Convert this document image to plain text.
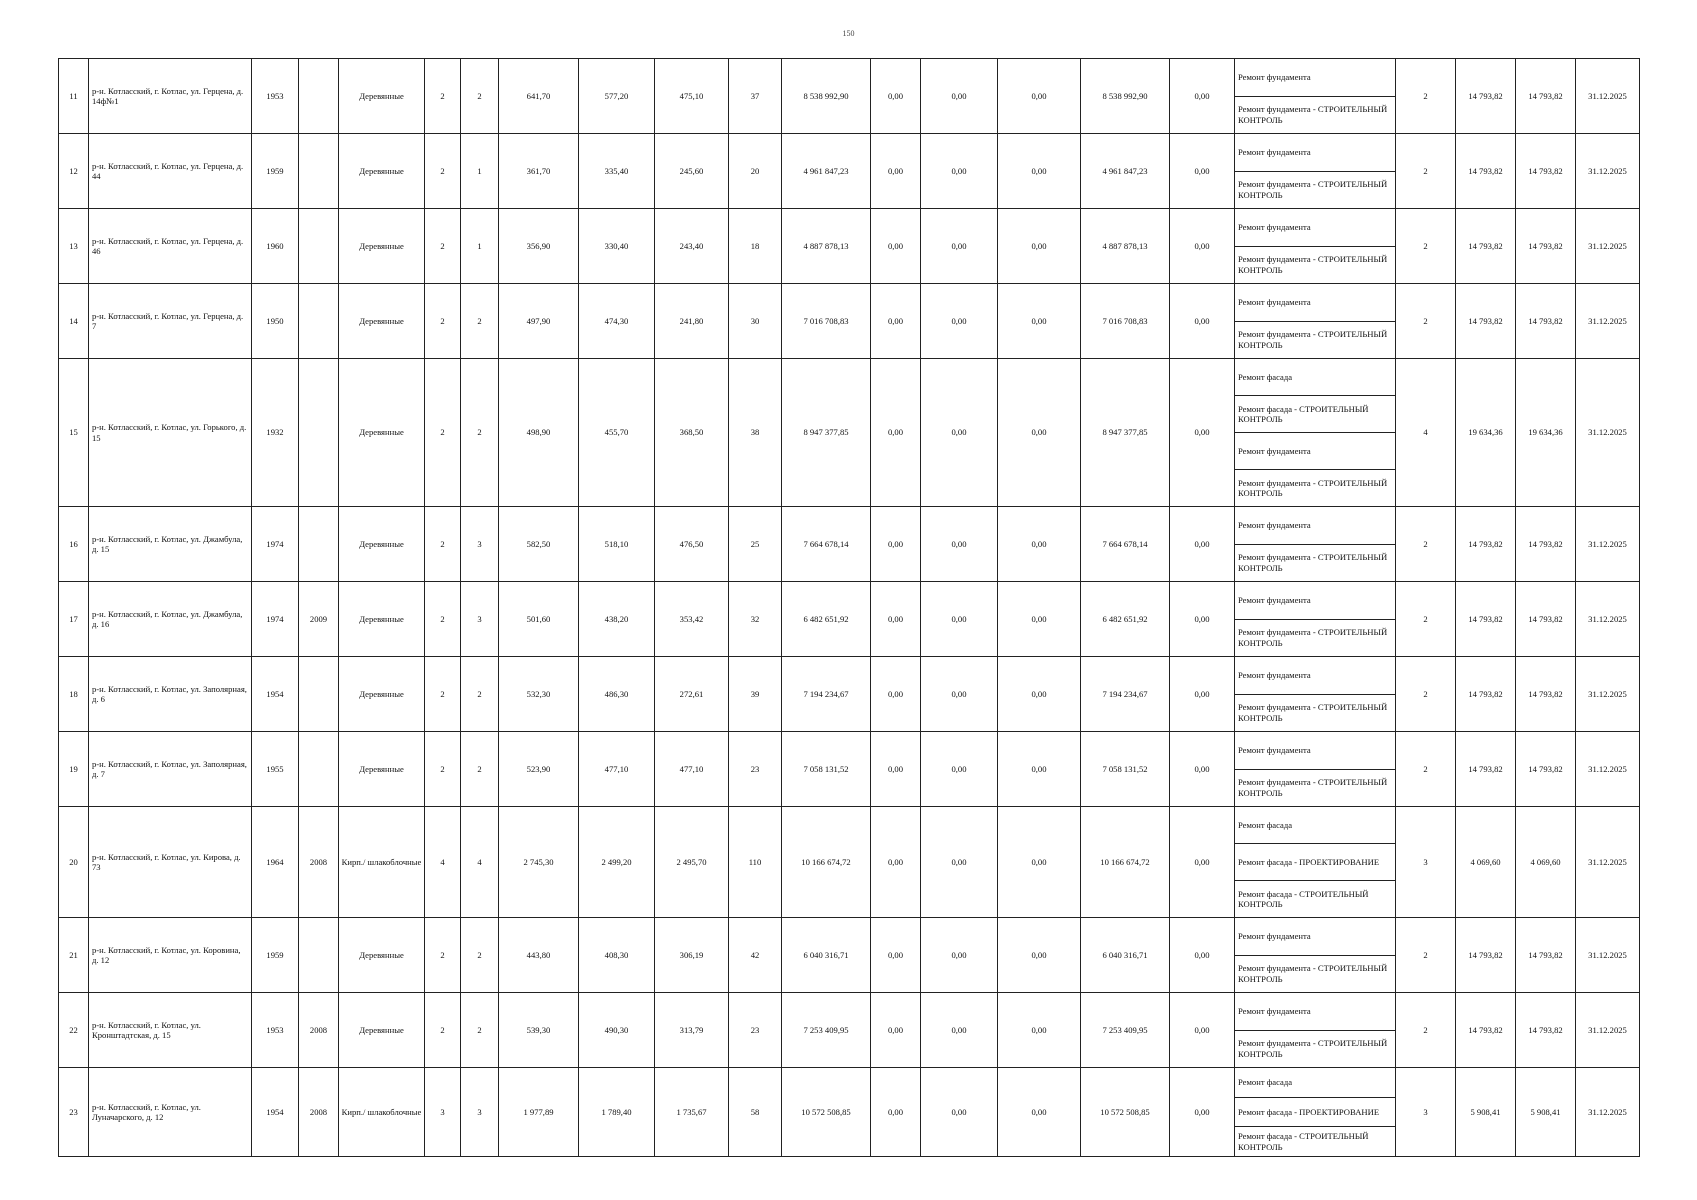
150
11	р-н. Котласский, г. Котлас, ул. Герцена, д. 14ф№1	1953		Деревянные	2	2	641,70	577,20	475,10	37	8 538 992,90	0,00	0,00	0,00	8 538 992,90	0,00	Ремонт фундамента
Ремонт фундамента - СТРОИТЕЛЬНЫЙ КОНТРОЛЬ	2	14 793,82	14 793,82	31.12.2025
12	р-н. Котласский, г. Котлас, ул. Герцена, д. 44	1959		Деревянные	2	1	361,70	335,40	245,60	20	4 961 847,23	0,00	0,00	0,00	4 961 847,23	0,00	Ремонт фундамента
Ремонт фундамента - СТРОИТЕЛЬНЫЙ КОНТРОЛЬ	2	14 793,82	14 793,82	31.12.2025
13	р-н. Котласский, г. Котлас, ул. Герцена, д. 46	1960		Деревянные	2	1	356,90	330,40	243,40	18	4 887 878,13	0,00	0,00	0,00	4 887 878,13	0,00	Ремонт фундамента
Ремонт фундамента - СТРОИТЕЛЬНЫЙ КОНТРОЛЬ	2	14 793,82	14 793,82	31.12.2025
14	р-н. Котласский, г. Котлас, ул. Герцена, д. 7	1950		Деревянные	2	2	497,90	474,30	241,80	30	7 016 708,83	0,00	0,00	0,00	7 016 708,83	0,00	Ремонт фундамента
Ремонт фундамента - СТРОИТЕЛЬНЫЙ КОНТРОЛЬ	2	14 793,82	14 793,82	31.12.2025
15	р-н. Котласский, г. Котлас, ул. Горького, д. 15	1932		Деревянные	2	2	498,90	455,70	368,50	38	8 947 377,85	0,00	0,00	0,00	8 947 377,85	0,00	Ремонт фасада
Ремонт фасада - СТРОИТЕЛЬНЫЙ КОНТРОЛЬ
Ремонт фундамента
Ремонт фундамента - СТРОИТЕЛЬНЫЙ КОНТРОЛЬ	4	19 634,36	19 634,36	31.12.2025
16	р-н. Котласский, г. Котлас, ул. Джамбула, д. 15	1974		Деревянные	2	3	582,50	518,10	476,50	25	7 664 678,14	0,00	0,00	0,00	7 664 678,14	0,00	Ремонт фундамента
Ремонт фундамента - СТРОИТЕЛЬНЫЙ КОНТРОЛЬ	2	14 793,82	14 793,82	31.12.2025
17	р-н. Котласский, г. Котлас, ул. Джамбула, д. 16	1974	2009	Деревянные	2	3	501,60	438,20	353,42	32	6 482 651,92	0,00	0,00	0,00	6 482 651,92	0,00	Ремонт фундамента
Ремонт фундамента - СТРОИТЕЛЬНЫЙ КОНТРОЛЬ	2	14 793,82	14 793,82	31.12.2025
18	р-н. Котласский, г. Котлас, ул. Заполярная, д. 6	1954		Деревянные	2	2	532,30	486,30	272,61	39	7 194 234,67	0,00	0,00	0,00	7 194 234,67	0,00	Ремонт фундамента
Ремонт фундамента - СТРОИТЕЛЬНЫЙ КОНТРОЛЬ	2	14 793,82	14 793,82	31.12.2025
19	р-н. Котласский, г. Котлас, ул. Заполярная, д. 7	1955		Деревянные	2	2	523,90	477,10	477,10	23	7 058 131,52	0,00	0,00	0,00	7 058 131,52	0,00	Ремонт фундамента
Ремонт фундамента - СТРОИТЕЛЬНЫЙ КОНТРОЛЬ	2	14 793,82	14 793,82	31.12.2025
20	р-н. Котласский, г. Котлас, ул. Кирова, д. 73	1964	2008	Кирп./ шлакоблочные	4	4	2 745,30	2 499,20	2 495,70	110	10 166 674,72	0,00	0,00	0,00	10 166 674,72	0,00	Ремонт фасада
Ремонт фасада - ПРОЕКТИРОВАНИЕ
Ремонт фасада - СТРОИТЕЛЬНЫЙ КОНТРОЛЬ	3	4 069,60	4 069,60	31.12.2025
21	р-н. Котласский, г. Котлас, ул. Коровина, д. 12	1959		Деревянные	2	2	443,80	408,30	306,19	42	6 040 316,71	0,00	0,00	0,00	6 040 316,71	0,00	Ремонт фундамента
Ремонт фундамента - СТРОИТЕЛЬНЫЙ КОНТРОЛЬ	2	14 793,82	14 793,82	31.12.2025
22	р-н. Котласский, г. Котлас, ул. Кронштадтская, д. 15	1953	2008	Деревянные	2	2	539,30	490,30	313,79	23	7 253 409,95	0,00	0,00	0,00	7 253 409,95	0,00	Ремонт фундамента
Ремонт фундамента - СТРОИТЕЛЬНЫЙ КОНТРОЛЬ	2	14 793,82	14 793,82	31.12.2025
23	р-н. Котласский, г. Котлас, ул. Луначарского, д. 12	1954	2008	Кирп./ шлакоблочные	3	3	1 977,89	1 789,40	1 735,67	58	10 572 508,85	0,00	0,00	0,00	10 572 508,85	0,00	Ремонт фасада
Ремонт фасада - ПРОЕКТИРОВАНИЕ
Ремонт фасада - СТРОИТЕЛЬНЫЙ КОНТРОЛЬ	3	5 908,41	5 908,41	31.12.2025
